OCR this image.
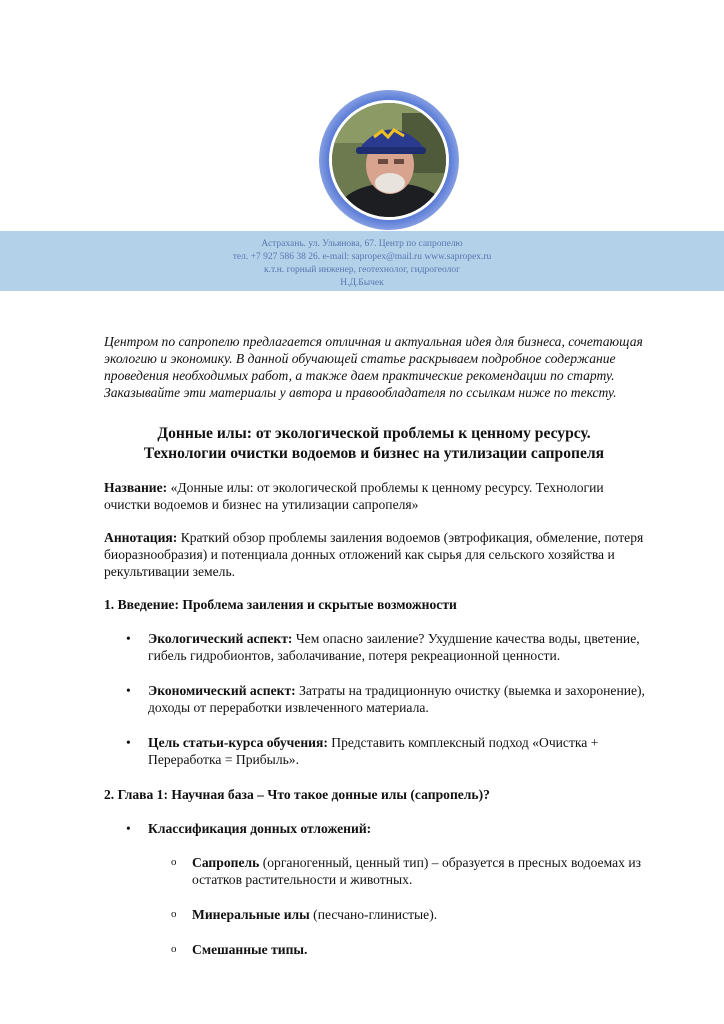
Астрахань. ул. Ульянова, 67. Центр по сапропелю
тел. +7 927 586 38 26. e-mail: sapropex@mail.ru www.sapropex.ru
к.т.н. горный инженер, геотехнолог, гидрогеолог
Н.Д.Бычек

Центром по сапропелю предлагается отличная и актуальная идея для бизнеса, сочетающая экологию и экономику. В данной обучающей статье раскрываем подробное содержание проведения необходимых работ, а также даем практические рекомендации по старту. Заказывайте эти материалы у автора и правообладателя по ссылкам ниже по тексту.

Донные илы: от экологической проблемы к ценному ресурсу.
Технологии очистки водоемов и бизнес на утилизации сапропеля

Название: «Донные илы: от экологической проблемы к ценному ресурсу. Технологии очистки водоемов и бизнес на утилизации сапропеля»

Аннотация: Краткий обзор проблемы заиления водоемов (эвтрофикация, обмеление, потеря биоразнообразия) и потенциала донных отложений как сырья для сельского хозяйства и рекультивации земель.

1. Введение: Проблема заиления и скрытые возможности
• Экологический аспект: Чем опасно заиление? Ухудшение качества воды, цветение, гибель гидробионтов, заболачивание, потеря рекреационной ценности.
• Экономический аспект: Затраты на традиционную очистку (выемка и захоронение), доходы от переработки извлеченного материала.
• Цель статьи-курса обучения: Представить комплексный подход «Очистка + Переработка = Прибыль».
2. Глава 1: Научная база – Что такое донные илы (сапропель)?
• Классификация донных отложений:
o Сапропель (органогенный, ценный тип) – образуется в пресных водоемах из остатков растительности и животных.
o Минеральные илы (песчано-глинистые).
o Смешанные типы.
